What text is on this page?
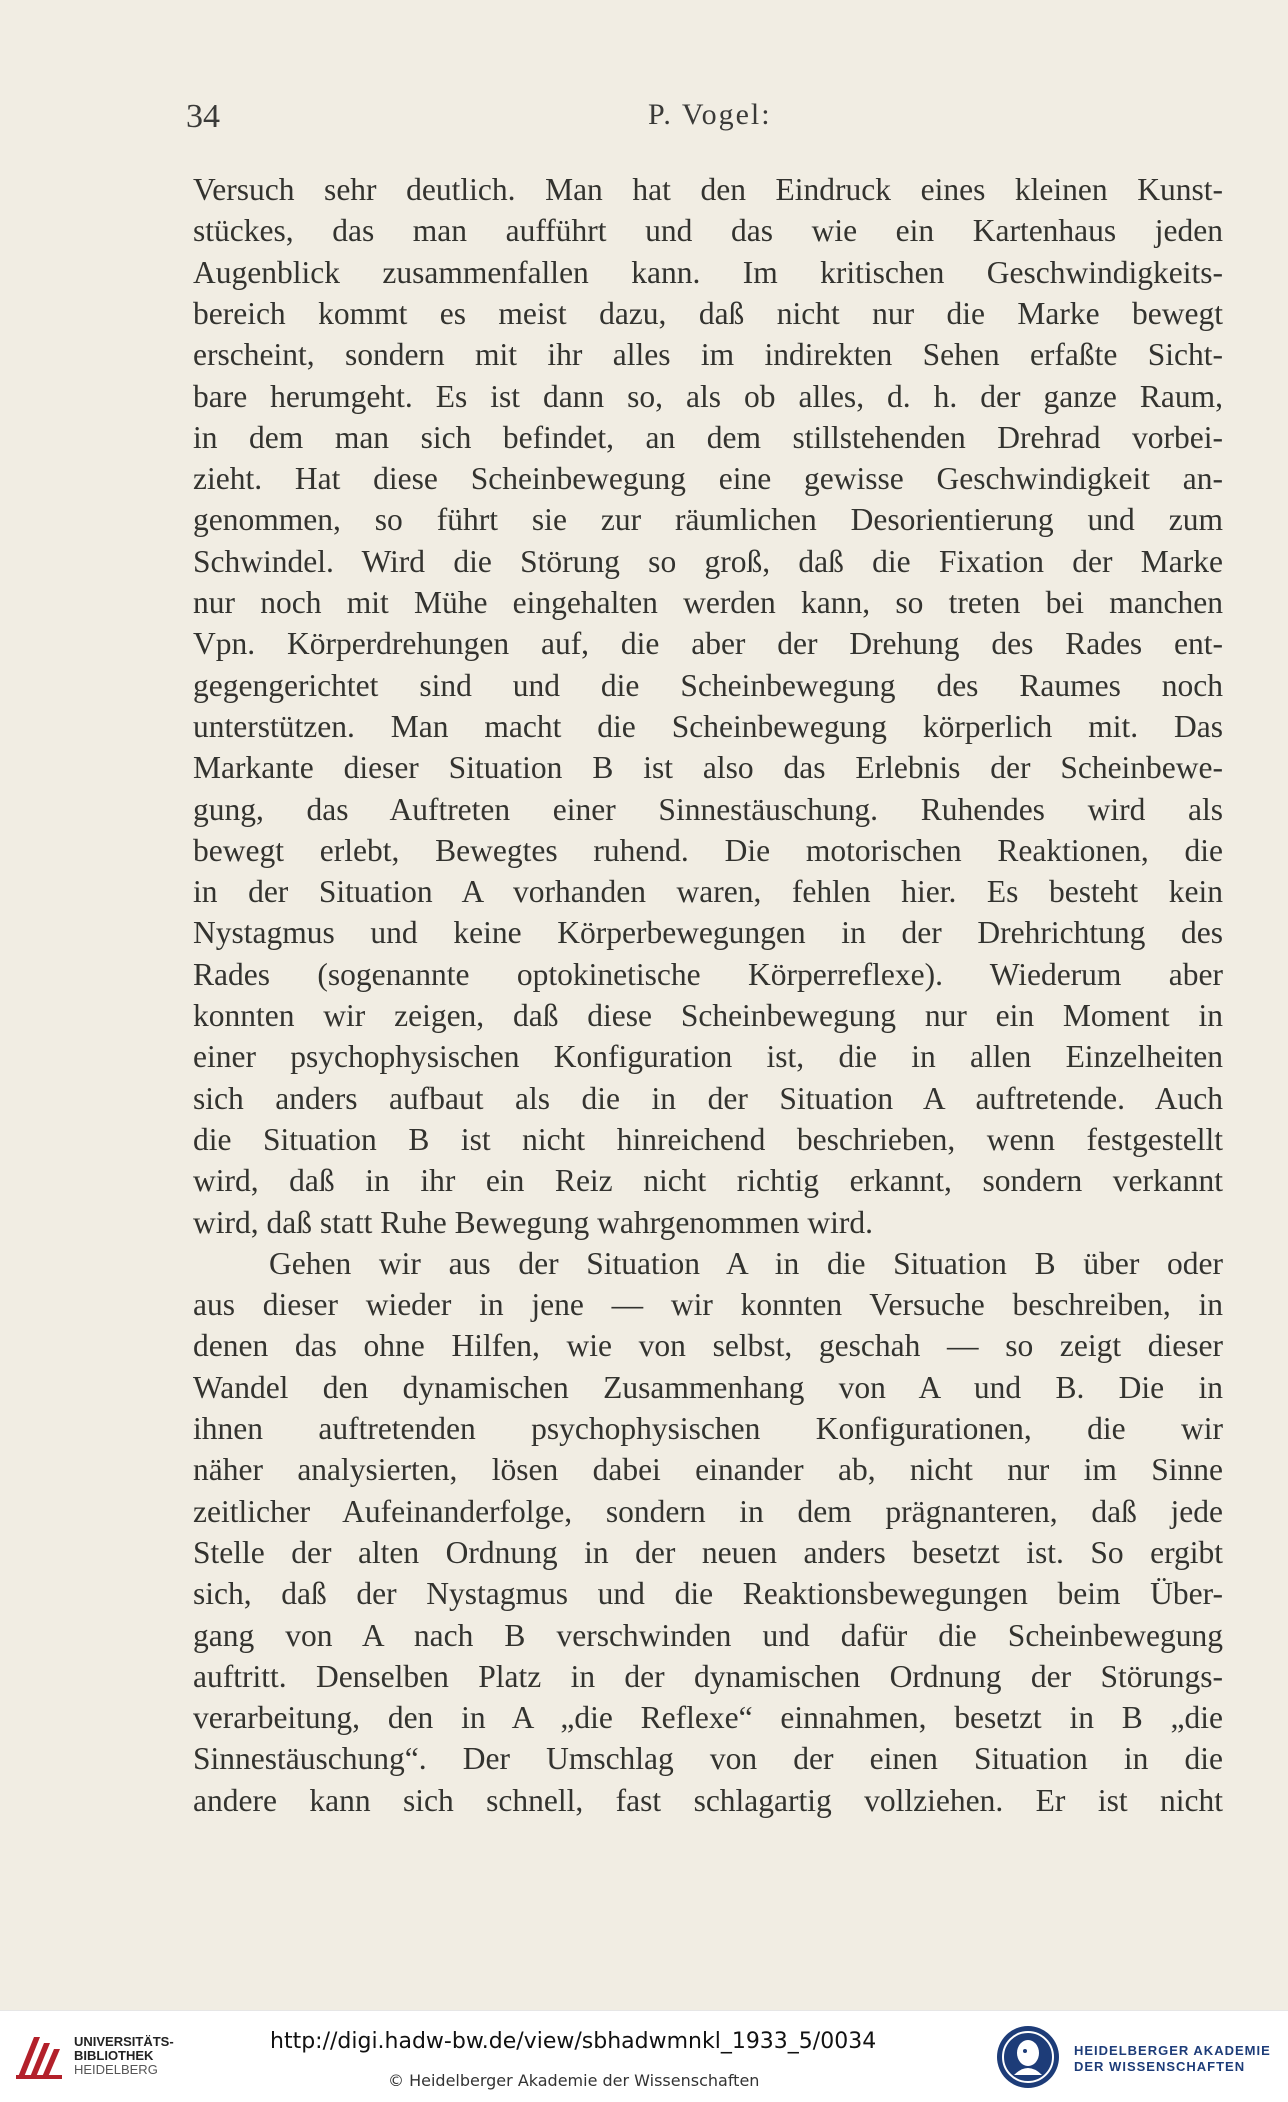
34	P. Vogel:
Versuch sehr deutlich. Man hat den Eindruck eines kleinen Kunst-
stückes, das man aufführt und das wie ein Kartenhaus jeden
Augenblick zusammenfallen kann. Im kritischen Geschwindigkeits-
bereich kommt es meist dazu, daß nicht nur die Marke bewegt
erscheint, sondern mit ihr alles im indirekten Sehen erfaßte Sicht-
bare herumgeht. Es ist dann so, als ob alles, d. h. der ganze Raum,
in dem man sich befindet, an dem stillstehenden Drehrad vorbei-
zieht. Hat diese Scheinbewegung eine gewisse Geschwindigkeit an-
genommen, so führt sie zur räumlichen Desorientierung und zum
Schwindel. Wird die Störung so groß, daß die Fixation der Marke
nur noch mit Mühe eingehalten werden kann, so treten bei manchen
Vpn. Körperdrehungen auf, die aber der Drehung des Rades ent-
gegengerichtet sind und die Scheinbewegung des Raumes noch
unterstützen. Man macht die Scheinbewegung körperlich mit. Das
Markante dieser Situation B ist also das Erlebnis der Scheinbewe-
gung, das Auftreten einer Sinnestäuschung. Ruhendes wird als
bewegt erlebt, Bewegtes ruhend. Die motorischen Reaktionen, die
in der Situation A vorhanden waren, fehlen hier. Es besteht kein
Nystagmus und keine Körperbewegungen in der Drehrichtung des
Rades (sogenannte optokinetische Körperreflexe). Wiederum aber
konnten wir zeigen, daß diese Scheinbewegung nur ein Moment in
einer psychophysischen Konfiguration ist, die in allen Einzelheiten
sich anders aufbaut als die in der Situation A auftretende. Auch
die Situation B ist nicht hinreichend beschrieben, wenn festgestellt
wird, daß in ihr ein Reiz nicht richtig erkannt, sondern verkannt
wird, daß statt Ruhe Bewegung wahrgenommen wird.
Gehen wir aus der Situation A in die Situation B über oder
aus dieser wieder in jene — wir konnten Versuche beschreiben, in
denen das ohne Hilfen, wie von selbst, geschah — so zeigt dieser
Wandel den dynamischen Zusammenhang von A und B. Die in
ihnen auftretenden psychophysischen Konfigurationen, die wir
näher analysierten, lösen dabei einander ab, nicht nur im Sinne
zeitlicher Aufeinanderfolge, sondern in dem prägnanteren, daß jede
Stelle der alten Ordnung in der neuen anders besetzt ist. So ergibt
sich, daß der Nystagmus und die Reaktionsbewegungen beim Über-
gang von A nach B verschwinden und dafür die Scheinbewegung
auftritt. Denselben Platz in der dynamischen Ordnung der Störungs-
verarbeitung, den in A „die Reflexe“ einnahmen, besetzt in B „die
Sinnestäuschung“. Der Umschlag von der einen Situation in die
andere kann sich schnell, fast schlagartig vollziehen. Er ist nicht
UNIVERSITÄTS-
BIBLIOTHEK
HEIDELBERG
http://digi.hadw-bw.de/view/sbhadwmnkl_1933_5/0034
© Heidelberger Akademie der Wissenschaften
HEIDELBERGER AKADEMIE
DER WISSENSCHAFTEN
